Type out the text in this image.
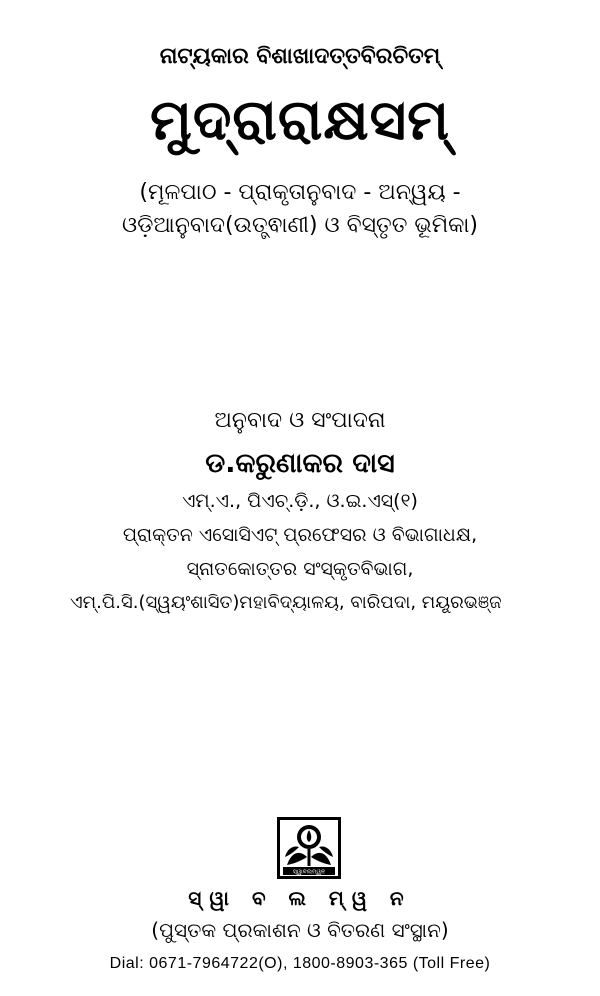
ନାଟ୍ୟକାର ବିଶାଖାଦତ୍ତବିରଚିତମ୍
ମୁଦ୍ରାରାକ୍ଷସମ୍
(ମୂଳପାଠ - ପ୍ରାକୃତାନୁବାଦ - ଅନ୍ୱୟ -
ଓଡ଼ିଆନୁବାଦ(ଉତ୍ତ୍ଵାଣୀ) ଓ ବିସ୍ତୃତ ଭୂମିକା)
ଅନୁବାଦ ଓ ସଂପାଦନା
ଡ.କରୁଣାକର ଦାସ
ଏମ୍.ଏ., ପିଏଚ୍.ଡ଼ି., ଓ.ଇ.ଏସ୍(୧)
ପ୍ରାକ୍ତନ ଏସୋସିଏଟ୍ ପ୍ରଫେସର ଓ ବିଭାଗାଧକ୍ଷ,
ସ୍ନାତକୋତ୍ତର ସଂସ୍କୃତବିଭାଗ,
ଏମ୍.ପି.ସି.(ସ୍ୱୟଂଶାସିତ)ମହାବିଦ୍ୟାଳୟ, ବାରିପଦା, ମୟୂରଭଞ୍ଜ
ସ୍ୱାବଲମ୍ୱନ
ସ୍ୱା ବ ଲ ମ୍ୱ ନ
(ପୁସ୍ତକ ପ୍ରକାଶନ ଓ ବିତରଣ ସଂସ୍ଥାନ)
Dial: 0671-7964722(O), 1800-8903-365 (Toll Free)
